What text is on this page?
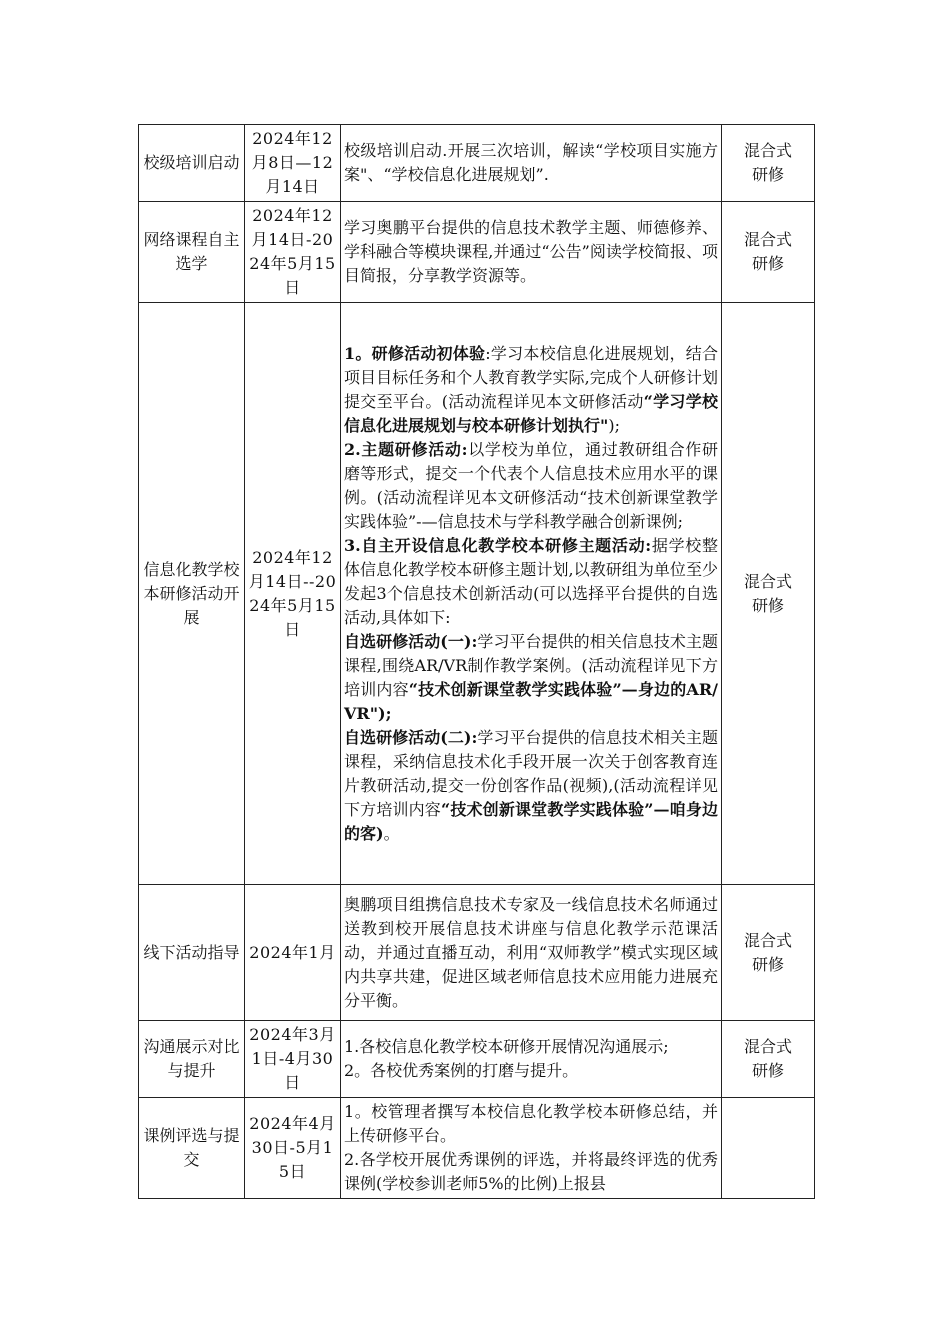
校级培训启动	2024年12月8日—12月14日	校级培训启动.开展三次培训，解读“学校项目实施方案"、“学校信息化进展规划”.	混合式研修
网络课程自主选学	2024年12月14日-2024年5月15日	学习奥鹏平台提供的信息技术教学主题、师德修养、学科融合等模块课程,并通过“公告”阅读学校简报、项目简报，分享教学资源等。	混合式研修
信息化教学校本研修活动开展	2024年12月14日--2024年5月15日	1。研修活动初体验:学习本校信息化进展规划，结合项目目标任务和个人教育教学实际,完成个人研修计划提交至平台。(活动流程详见本文研修活动“学习学校信息化进展规划与校本研修计划执行");
2.主题研修活动:以学校为单位，通过教研组合作研磨等形式，提交一个代表个人信息技术应用水平的课例。(活动流程详见本文研修活动“技术创新课堂教学实践体验”-—信息技术与学科教学融合创新课例;
3.自主开设信息化教学校本研修主题活动:据学校整体信息化教学校本研修主题计划,以教研组为单位至少发起3个信息技术创新活动(可以选择平台提供的自选活动,具体如下:
自选研修活动(一):学习平台提供的相关信息技术主题课程,围绕AR/VR制作教学案例。(活动流程详见下方培训内容“技术创新课堂教学实践体验”—身边的AR/VR");
自选研修活动(二):学习平台提供的信息技术相关主题课程，采纳信息技术化手段开展一次关于创客教育连片教研活动,提交一份创客作品(视频),(活动流程详见下方培训内容“技术创新课堂教学实践体验”—咱身边的客)。	混合式研修
线下活动指导	2024年1月	奥鹏项目组携信息技术专家及一线信息技术名师通过送教到校开展信息技术讲座与信息化教学示范课活动，并通过直播互动，利用“双师教学”模式实现区域内共享共建，促进区域老师信息技术应用能力进展充分平衡。	混合式研修
沟通展示对比与提升	2024年3月1日-4月30日	1.各校信息化教学校本研修开展情况沟通展示;
2。各校优秀案例的打磨与提升。	混合式研修
课例评选与提交	2024年4月30日-5月15日	1。校管理者撰写本校信息化教学校本研修总结，并上传研修平台。
2.各学校开展优秀课例的评选，并将最终评选的优秀课例(学校参训老师5%的比例)上报县	
